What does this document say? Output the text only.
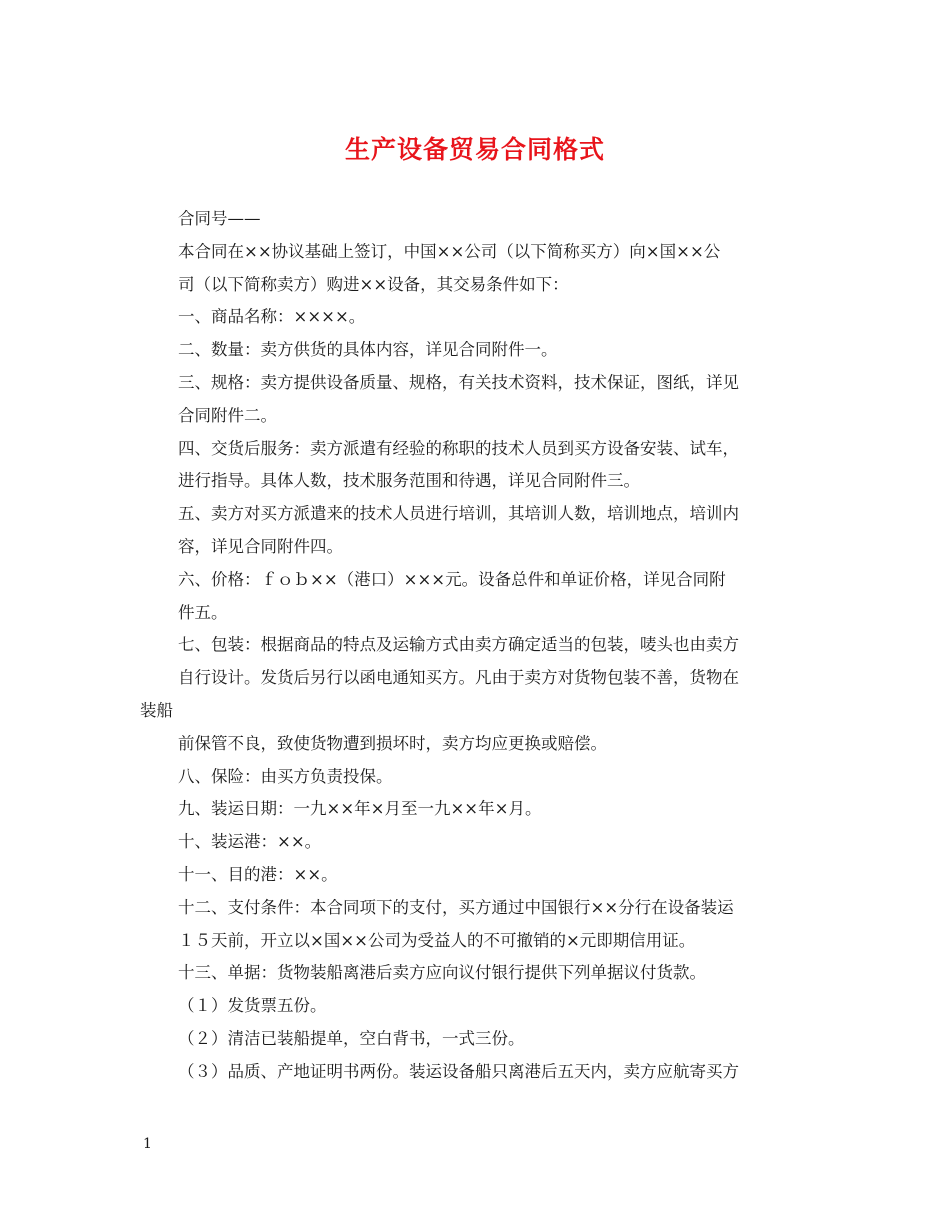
生产设备贸易合同格式
合同号——
本合同在××协议基础上签订，中国××公司（以下简称买方）向×国××公
司（以下简称卖方）购进××设备，其交易条件如下：
一、商品名称：××××。
二、数量：卖方供货的具体内容，详见合同附件一。
三、规格：卖方提供设备质量、规格，有关技术资料，技术保证，图纸，详见
合同附件二。
四、交货后服务：卖方派遣有经验的称职的技术人员到买方设备安装、试车，
进行指导。具体人数，技术服务范围和待遇，详见合同附件三。
五、卖方对买方派遣来的技术人员进行培训，其培训人数，培训地点，培训内
容，详见合同附件四。
六、价格：ｆｏｂ××（港口）×××元。设备总件和单证价格，详见合同附
件五。
七、包装：根据商品的特点及运输方式由卖方确定适当的包装，唛头也由卖方
自行设计。发货后另行以函电通知买方。凡由于卖方对货物包装不善，货物在
装船
前保管不良，致使货物遭到损坏时，卖方均应更换或赔偿。
八、保险：由买方负责投保。
九、装运日期：一九××年×月至一九××年×月。
十、装运港：××。
十一、目的港：××。
十二、支付条件：本合同项下的支付，买方通过中国银行××分行在设备装运
１５天前，开立以×国××公司为受益人的不可撤销的×元即期信用证。
十三、单据：货物装船离港后卖方应向议付银行提供下列单据议付货款。
（１）发货票五份。
（２）清洁已装船提单，空白背书，一式三份。
（３）品质、产地证明书两份。装运设备船只离港后五天内，卖方应航寄买方
1
